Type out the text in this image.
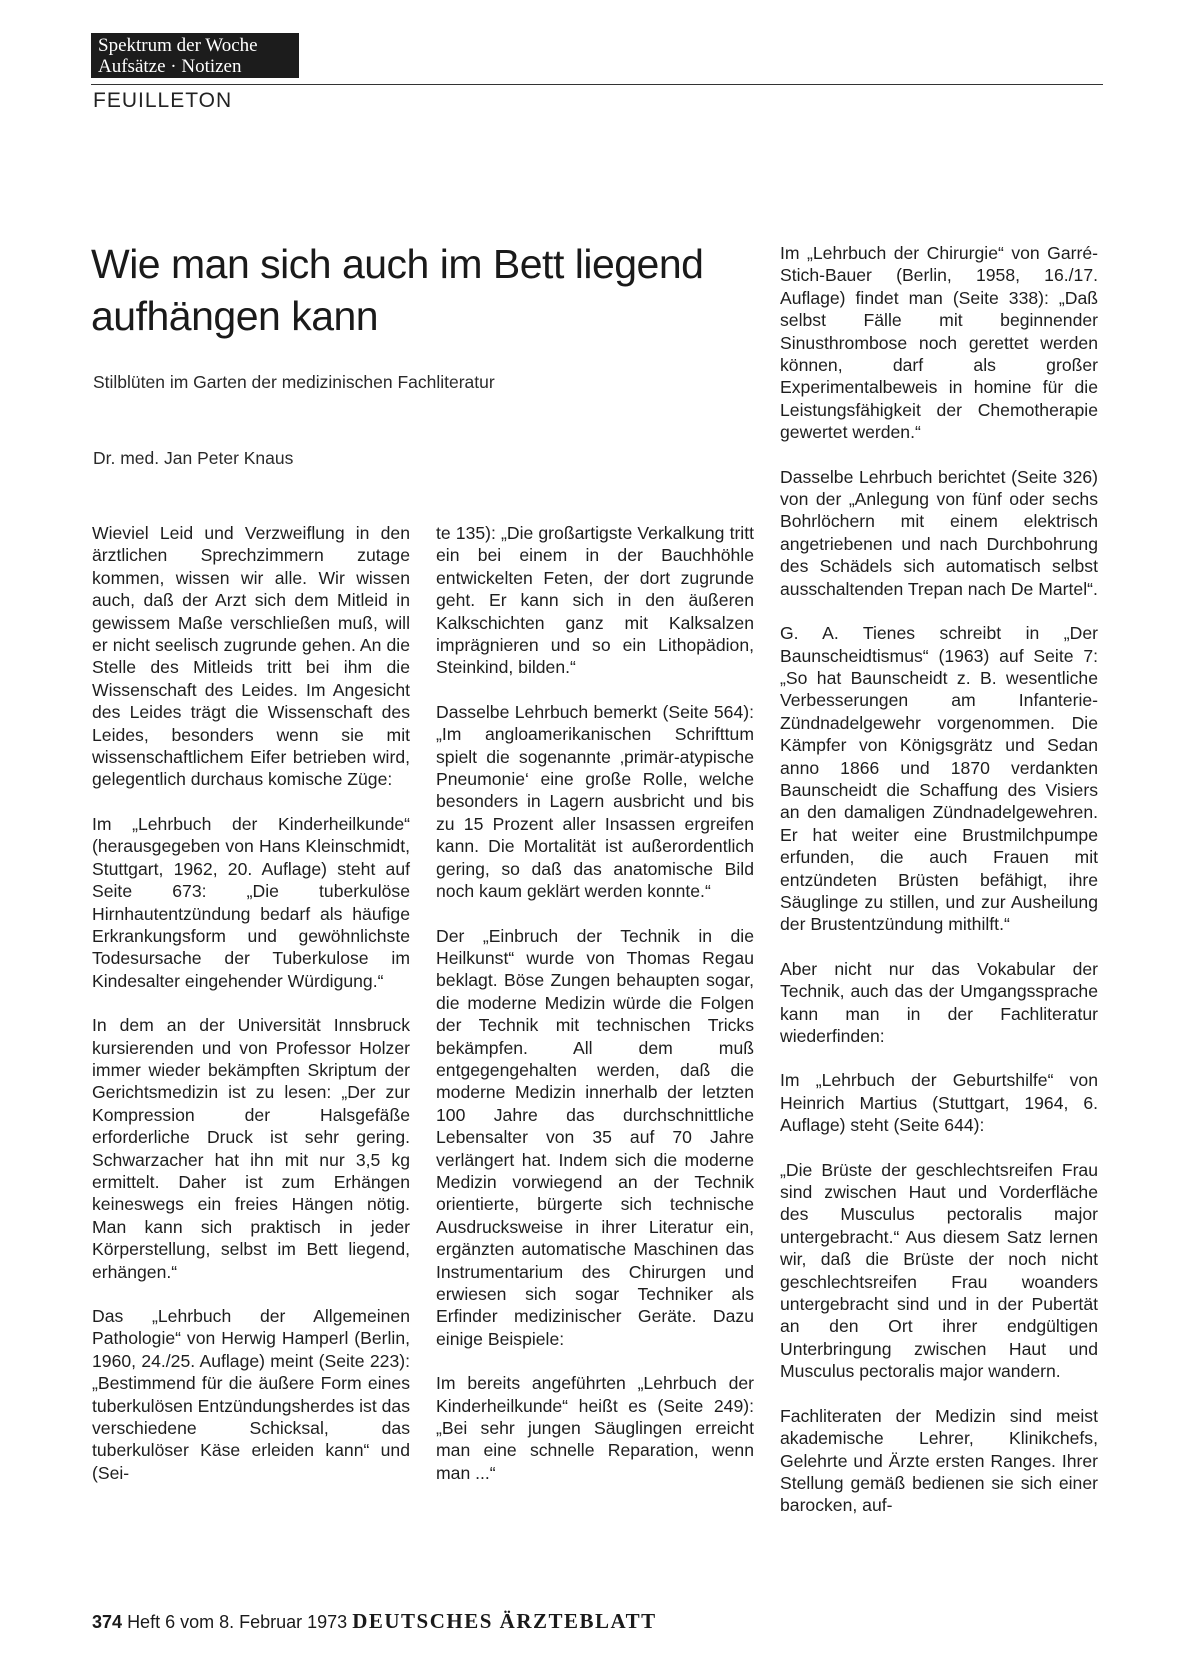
Spektrum der Woche
Aufsätze · Notizen
FEUILLETON
Wie man sich auch im Bett liegend aufhängen kann
Stilblüten im Garten der medizinischen Fachliteratur
Dr. med. Jan Peter Knaus

Wieviel Leid und Verzweiflung in den ärztlichen Sprechzimmern zutage kommen, wissen wir alle. Wir wissen auch, daß der Arzt sich dem Mitleid in gewissem Maße verschließen muß, will er nicht seelisch zugrunde gehen. An die Stelle des Mitleids tritt bei ihm die Wissenschaft des Leides. Im Angesicht des Leides trägt die Wissenschaft des Leides, besonders wenn sie mit wissenschaftlichem Eifer betrieben wird, gelegentlich durchaus komische Züge:

Im „Lehrbuch der Kinderheilkunde“ (herausgegeben von Hans Kleinschmidt, Stuttgart, 1962, 20. Auflage) steht auf Seite 673: „Die tuberkulöse Hirnhautentzündung bedarf als häufige Erkrankungsform und gewöhnlichste Todesursache der Tuberkulose im Kindesalter eingehender Würdigung.“

In dem an der Universität Innsbruck kursierenden und von Professor Holzer immer wieder bekämpften Skriptum der Gerichtsmedizin ist zu lesen: „Der zur Kompression der Halsgefäße erforderliche Druck ist sehr gering. Schwarzacher hat ihn mit nur 3,5 kg ermittelt. Daher ist zum Erhängen keineswegs ein freies Hängen nötig. Man kann sich praktisch in jeder Körperstellung, selbst im Bett liegend, erhängen.“

Das „Lehrbuch der Allgemeinen Pathologie“ von Herwig Hamperl (Berlin, 1960, 24./25. Auflage) meint (Seite 223): „Bestimmend für die äußere Form eines tuberkulösen Entzündungsherdes ist das verschiedene Schicksal, das tuberkulöser Käse erleiden kann“ und (Sei-

te 135): „Die großartigste Verkalkung tritt ein bei einem in der Bauchhöhle entwickelten Feten, der dort zugrunde geht. Er kann sich in den äußeren Kalkschichten ganz mit Kalksalzen imprägnieren und so ein Lithopädion, Steinkind, bilden.“

Dasselbe Lehrbuch bemerkt (Seite 564): „Im angloamerikanischen Schrifttum spielt die sogenannte ‚primär-atypische Pneumonie‘ eine große Rolle, welche besonders in Lagern ausbricht und bis zu 15 Prozent aller Insassen ergreifen kann. Die Mortalität ist außerordentlich gering, so daß das anatomische Bild noch kaum geklärt werden konnte.“

Der „Einbruch der Technik in die Heilkunst“ wurde von Thomas Regau beklagt. Böse Zungen behaupten sogar, die moderne Medizin würde die Folgen der Technik mit technischen Tricks bekämpfen. All dem muß entgegengehalten werden, daß die moderne Medizin innerhalb der letzten 100 Jahre das durchschnittliche Lebensalter von 35 auf 70 Jahre verlängert hat. Indem sich die moderne Medizin vorwiegend an der Technik orientierte, bürgerte sich technische Ausdrucksweise in ihrer Literatur ein, ergänzten automatische Maschinen das Instrumentarium des Chirurgen und erwiesen sich sogar Techniker als Erfinder medizinischer Geräte. Dazu einige Beispiele:

Im bereits angeführten „Lehrbuch der Kinderheilkunde“ heißt es (Seite 249): „Bei sehr jungen Säuglingen erreicht man eine schnelle Reparation, wenn man ...“

Im „Lehrbuch der Chirurgie“ von Garré-Stich-Bauer (Berlin, 1958, 16./17. Auflage) findet man (Seite 338): „Daß selbst Fälle mit beginnender Sinusthrombose noch gerettet werden können, darf als großer Experimentalbeweis in homine für die Leistungsfähigkeit der Chemotherapie gewertet werden.“

Dasselbe Lehrbuch berichtet (Seite 326) von der „Anlegung von fünf oder sechs Bohrlöchern mit einem elektrisch angetriebenen und nach Durchbohrung des Schädels sich automatisch selbst ausschaltenden Trepan nach De Martel“.

G. A. Tienes schreibt in „Der Baunscheidtismus“ (1963) auf Seite 7: „So hat Baunscheidt z. B. wesentliche Verbesserungen am Infanterie-Zündnadelgewehr vorgenommen. Die Kämpfer von Königsgrätz und Sedan anno 1866 und 1870 verdankten Baunscheidt die Schaffung des Visiers an den damaligen Zündnadelgewehren. Er hat weiter eine Brustmilchpumpe erfunden, die auch Frauen mit entzündeten Brüsten befähigt, ihre Säuglinge zu stillen, und zur Ausheilung der Brustentzündung mithilft.“

Aber nicht nur das Vokabular der Technik, auch das der Umgangssprache kann man in der Fachliteratur wiederfinden:

Im „Lehrbuch der Geburtshilfe“ von Heinrich Martius (Stuttgart, 1964, 6. Auflage) steht (Seite 644):

„Die Brüste der geschlechtsreifen Frau sind zwischen Haut und Vorderfläche des Musculus pectoralis major untergebracht.“ Aus diesem Satz lernen wir, daß die Brüste der noch nicht geschlechtsreifen Frau woanders untergebracht sind und in der Pubertät an den Ort ihrer endgültigen Unterbringung zwischen Haut und Musculus pectoralis major wandern.

Fachliteraten der Medizin sind meist akademische Lehrer, Klinikchefs, Gelehrte und Ärzte ersten Ranges. Ihrer Stellung gemäß bedienen sie sich einer barocken, auf-

374 Heft 6 vom 8. Februar 1973 DEUTSCHES ÄRZTEBLATT
